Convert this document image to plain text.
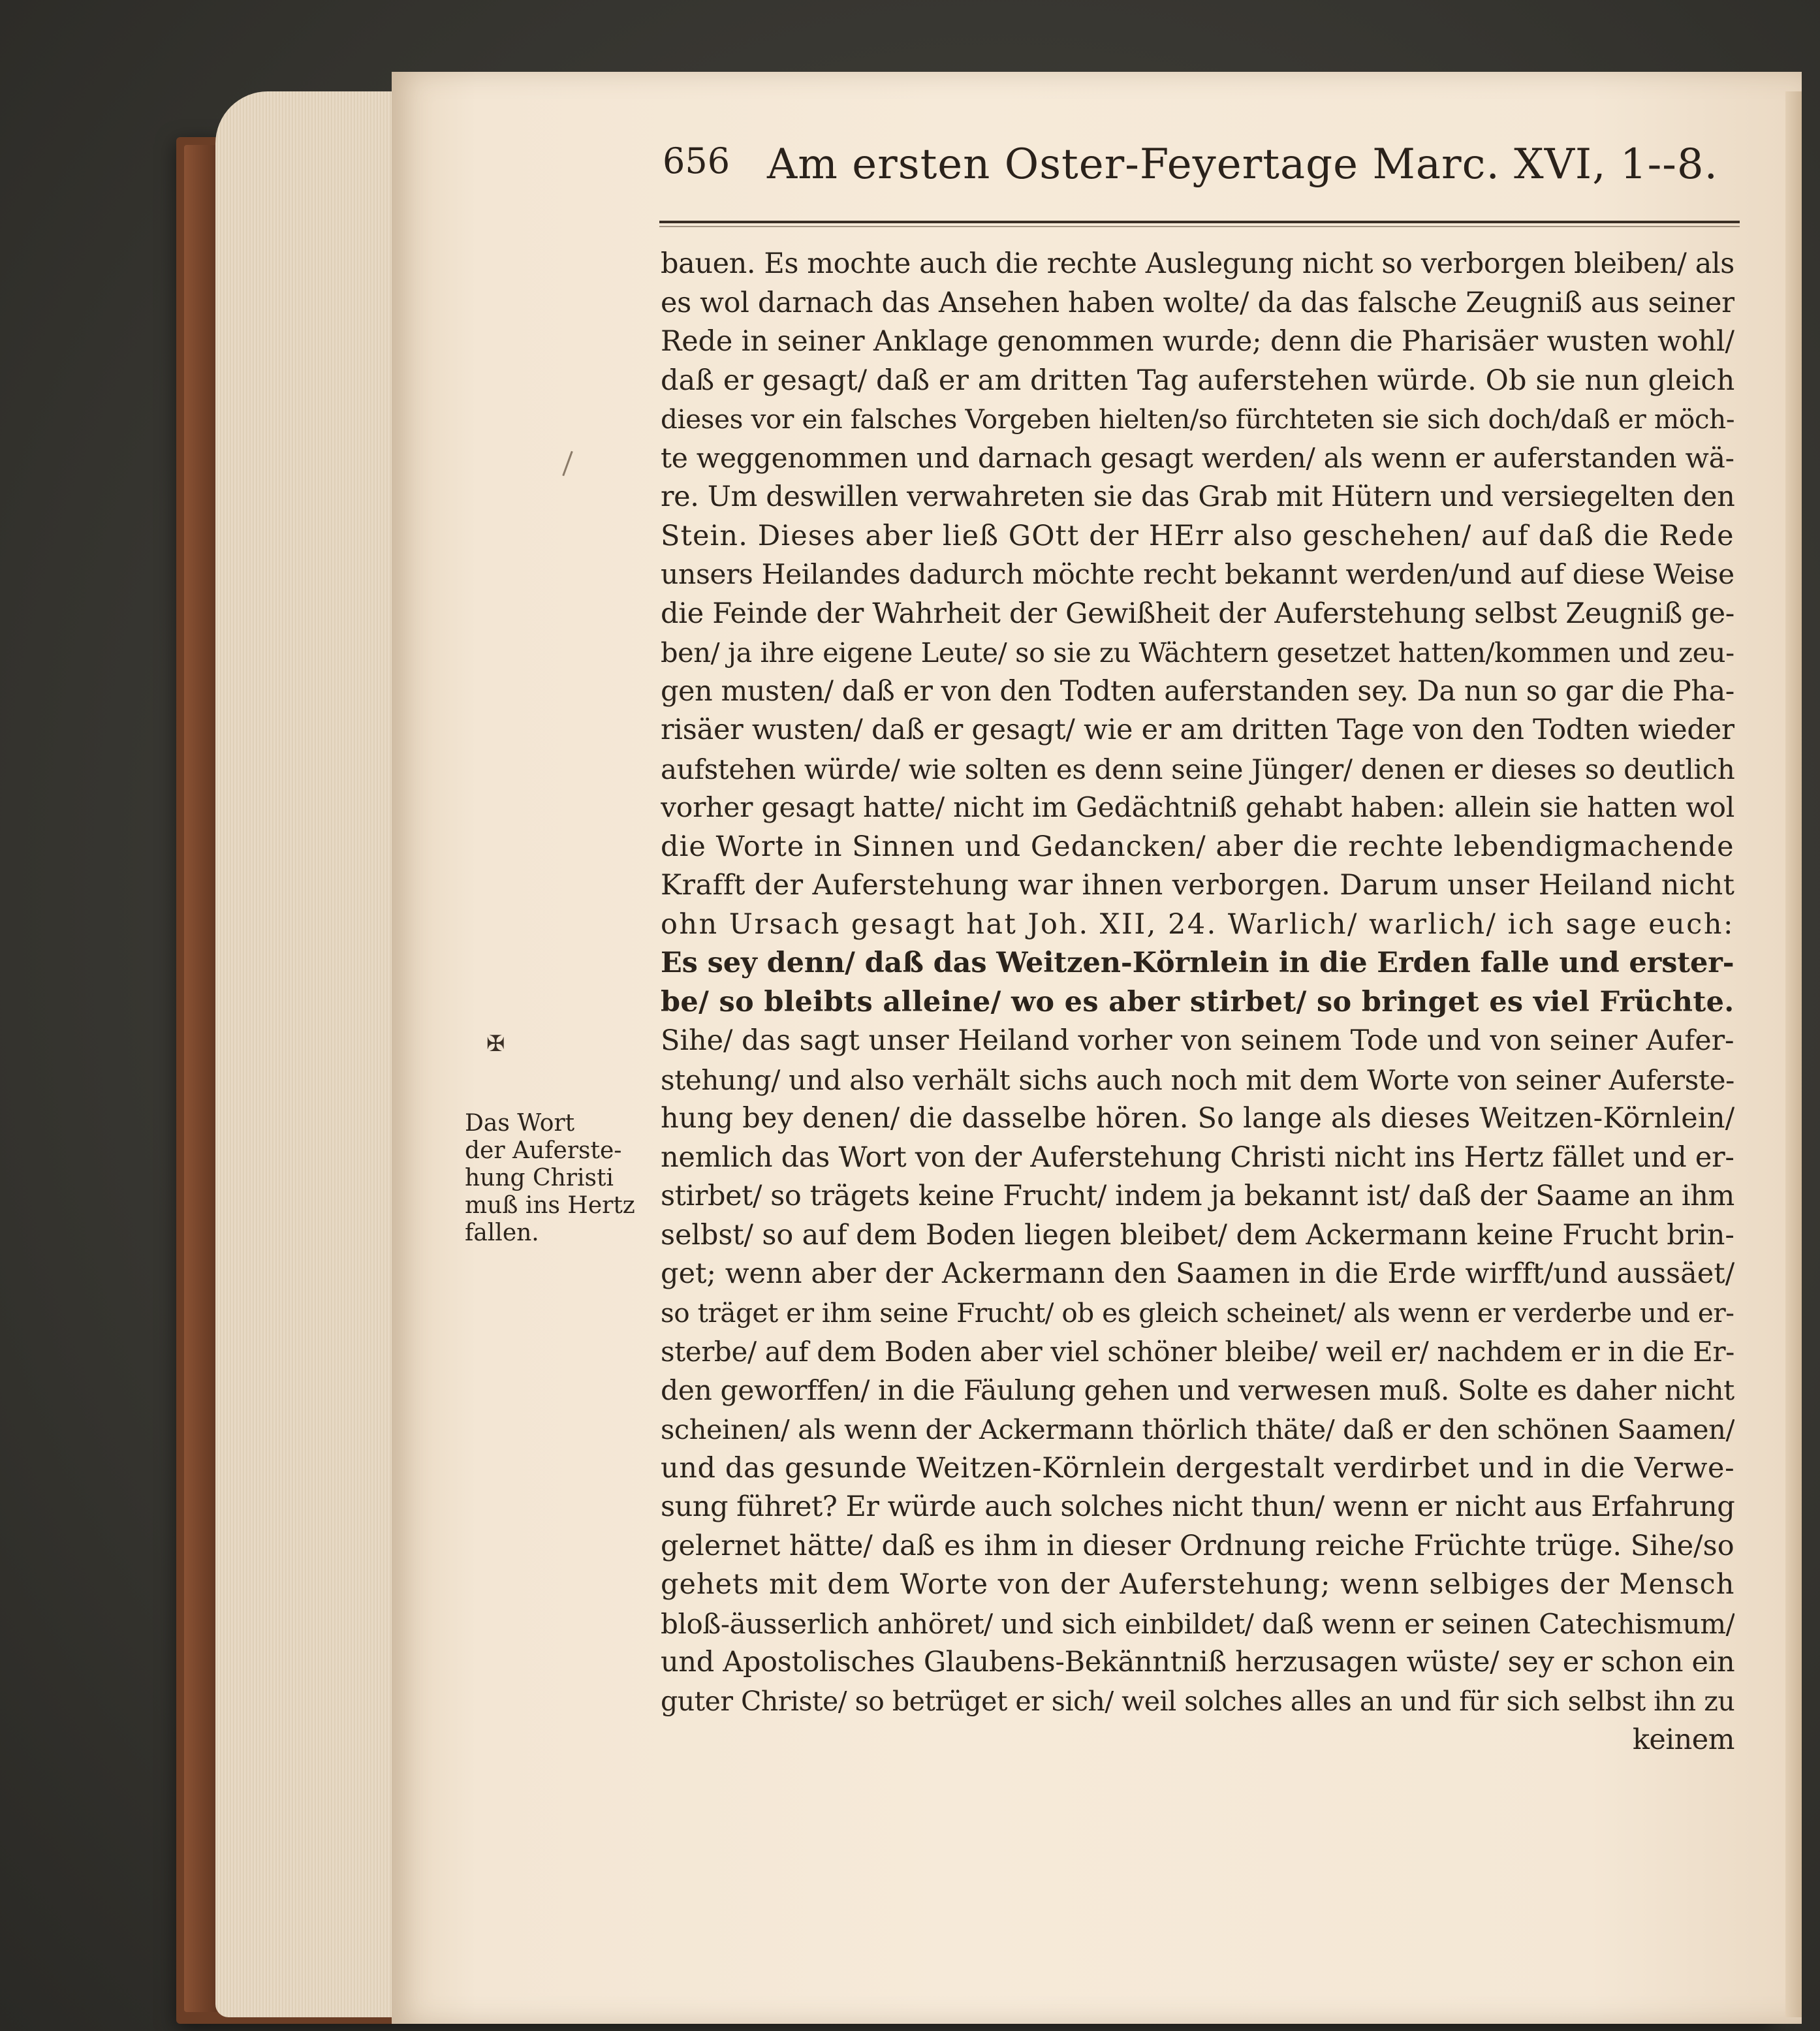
656 Am ersten Oster-Feyertage Marc. XVI, 1--8.
✠
Das Wort
der Auferste-
hung Christi
muß ins Hertz
fallen.
bauen. Es mochte auch die rechte Auslegung nicht so verborgen bleiben/ als
es wol darnach das Ansehen haben wolte/ da das falsche Zeugniß aus seiner
Rede in seiner Anklage genommen wurde; denn die Pharisäer wusten wohl/
daß er gesagt/ daß er am dritten Tag auferstehen würde. Ob sie nun gleich
dieses vor ein falsches Vorgeben hielten/so fürchteten sie sich doch/daß er möch-
te weggenommen und darnach gesagt werden/ als wenn er auferstanden wä-
re. Um deswillen verwahreten sie das Grab mit Hütern und versiegelten den
Stein. Dieses aber ließ GOtt der HErr also geschehen/ auf daß die Rede
unsers Heilandes dadurch möchte recht bekannt werden/und auf diese Weise
die Feinde der Wahrheit der Gewißheit der Auferstehung selbst Zeugniß ge-
ben/ ja ihre eigene Leute/ so sie zu Wächtern gesetzet hatten/kommen und zeu-
gen musten/ daß er von den Todten auferstanden sey. Da nun so gar die Pha-
risäer wusten/ daß er gesagt/ wie er am dritten Tage von den Todten wieder
aufstehen würde/ wie solten es denn seine Jünger/ denen er dieses so deutlich
vorher gesagt hatte/ nicht im Gedächtniß gehabt haben: allein sie hatten wol
die Worte in Sinnen und Gedancken/ aber die rechte lebendigmachende
Krafft der Auferstehung war ihnen verborgen. Darum unser Heiland nicht
ohn Ursach gesagt hat Joh. XII, 24. Warlich/ warlich/ ich sage euch:
Es sey denn/ daß das Weitzen-Körnlein in die Erden falle und erster-
be/ so bleibts alleine/ wo es aber stirbet/ so bringet es viel Früchte.
Sihe/ das sagt unser Heiland vorher von seinem Tode und von seiner Aufer-
stehung/ und also verhält sichs auch noch mit dem Worte von seiner Auferste-
hung bey denen/ die dasselbe hören. So lange als dieses Weitzen-Körnlein/
nemlich das Wort von der Auferstehung Christi nicht ins Hertz fället und er-
stirbet/ so trägets keine Frucht/ indem ja bekannt ist/ daß der Saame an ihm
selbst/ so auf dem Boden liegen bleibet/ dem Ackermann keine Frucht brin-
get; wenn aber der Ackermann den Saamen in die Erde wirfft/und aussäet/
so träget er ihm seine Frucht/ ob es gleich scheinet/ als wenn er verderbe und er-
sterbe/ auf dem Boden aber viel schöner bleibe/ weil er/ nachdem er in die Er-
den geworffen/ in die Fäulung gehen und verwesen muß. Solte es daher nicht
scheinen/ als wenn der Ackermann thörlich thäte/ daß er den schönen Saamen/
und das gesunde Weitzen-Körnlein dergestalt verdirbet und in die Verwe-
sung führet? Er würde auch solches nicht thun/ wenn er nicht aus Erfahrung
gelernet hätte/ daß es ihm in dieser Ordnung reiche Früchte trüge. Sihe/so
gehets mit dem Worte von der Auferstehung; wenn selbiges der Mensch
bloß-äusserlich anhöret/ und sich einbildet/ daß wenn er seinen Catechismum/
und Apostolisches Glaubens-Bekänntniß herzusagen wüste/ sey er schon ein
guter Christe/ so betrüget er sich/ weil solches alles an und für sich selbst ihn zu
keinem
